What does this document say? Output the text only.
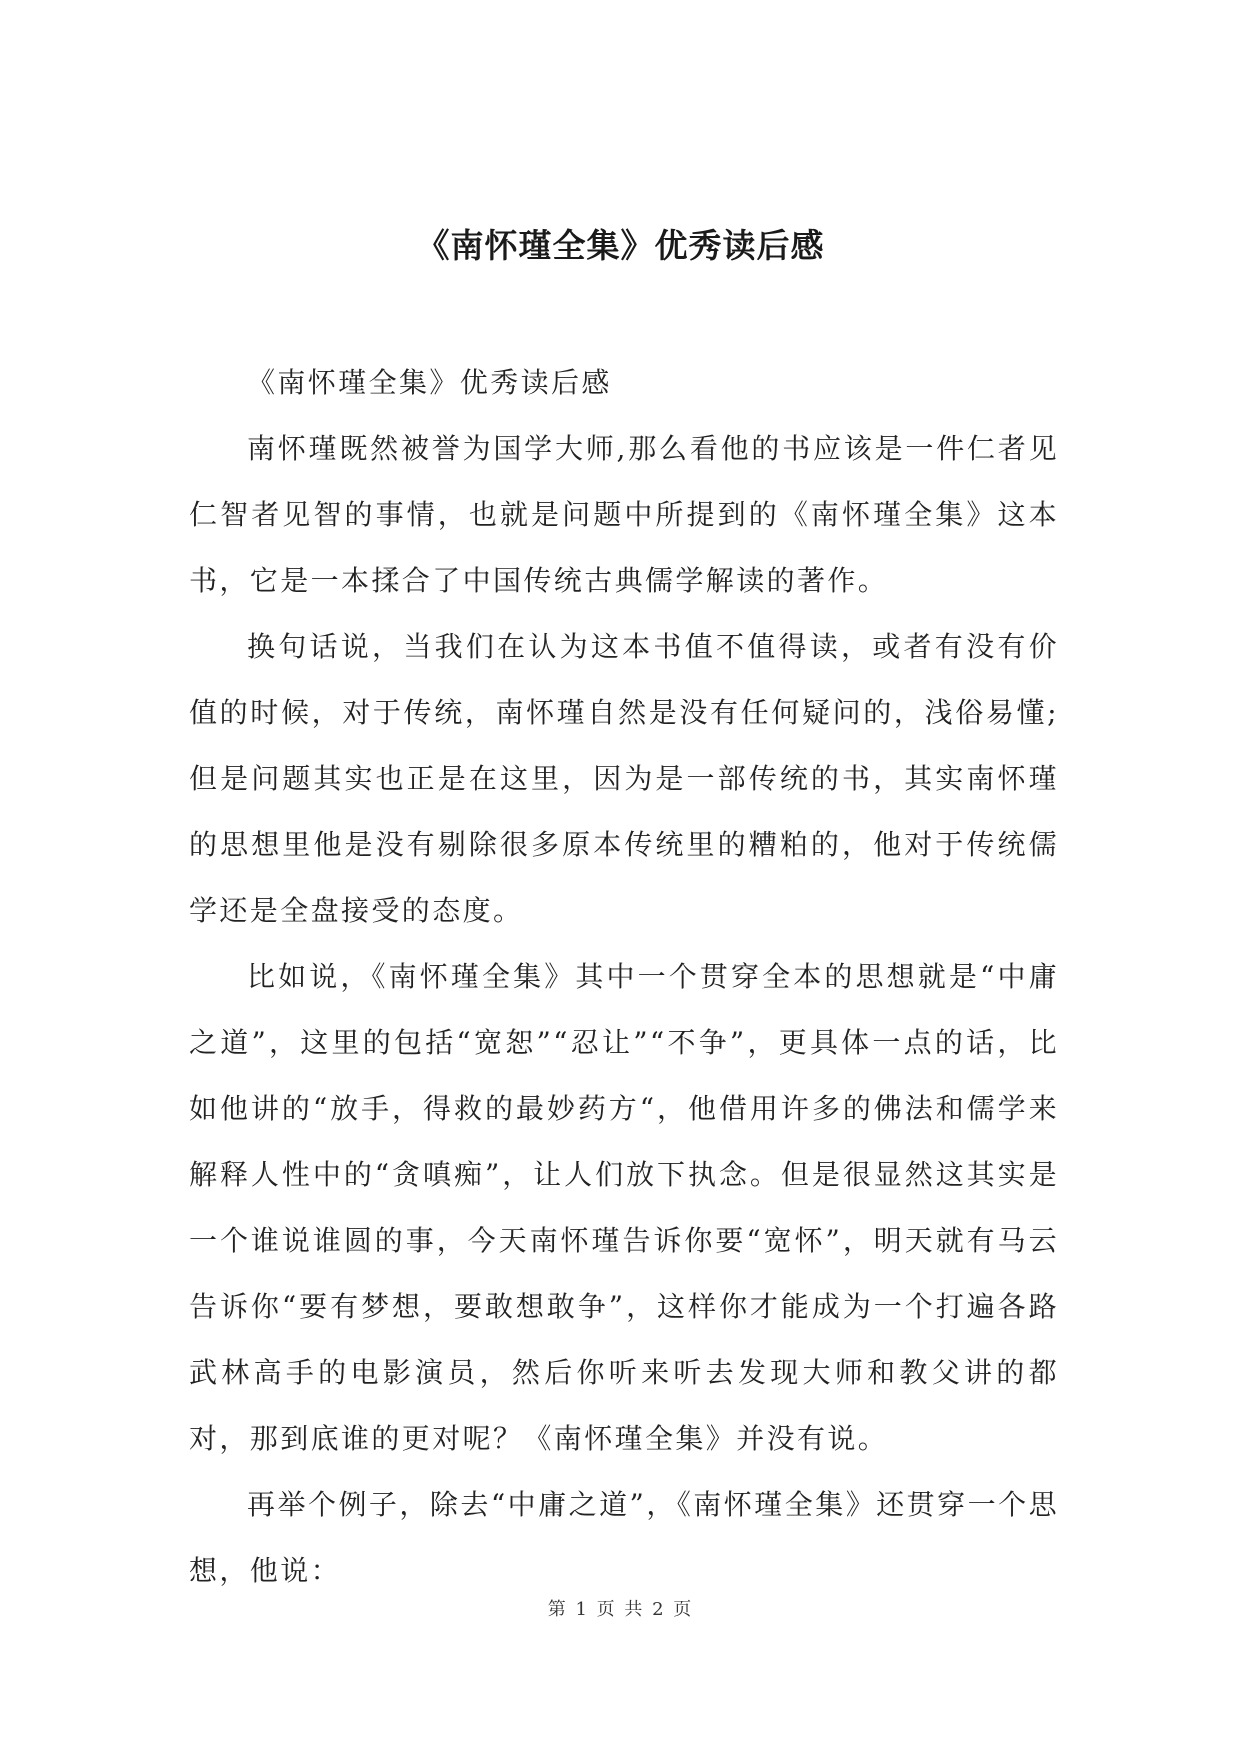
《南怀瑾全集》优秀读后感

《南怀瑾全集》优秀读后感

南怀瑾既然被誉为国学大师,那么看他的书应该是一件仁者见仁智者见智的事情，也就是问题中所提到的《南怀瑾全集》这本书，它是一本揉合了中国传统古典儒学解读的著作。

换句话说，当我们在认为这本书值不值得读，或者有没有价值的时候，对于传统，南怀瑾自然是没有任何疑问的，浅俗易懂;但是问题其实也正是在这里，因为是一部传统的书，其实南怀瑾的思想里他是没有剔除很多原本传统里的糟粕的，他对于传统儒学还是全盘接受的态度。

比如说，《南怀瑾全集》其中一个贯穿全本的思想就是“中庸之道”，这里的包括“宽恕”“忍让”“不争”，更具体一点的话，比如他讲的“放手，得救的最妙药方“，他借用许多的佛法和儒学来解释人性中的“贪嗔痴”，让人们放下执念。但是很显然这其实是一个谁说谁圆的事，今天南怀瑾告诉你要“宽怀”，明天就有马云告诉你“要有梦想，要敢想敢争”，这样你才能成为一个打遍各路武林高手的电影演员，然后你听来听去发现大师和教父讲的都对，那到底谁的更对呢？《南怀瑾全集》并没有说。

再举个例子，除去“中庸之道”，《南怀瑾全集》还贯穿一个思想，他说：

第 1 页 共 2 页
